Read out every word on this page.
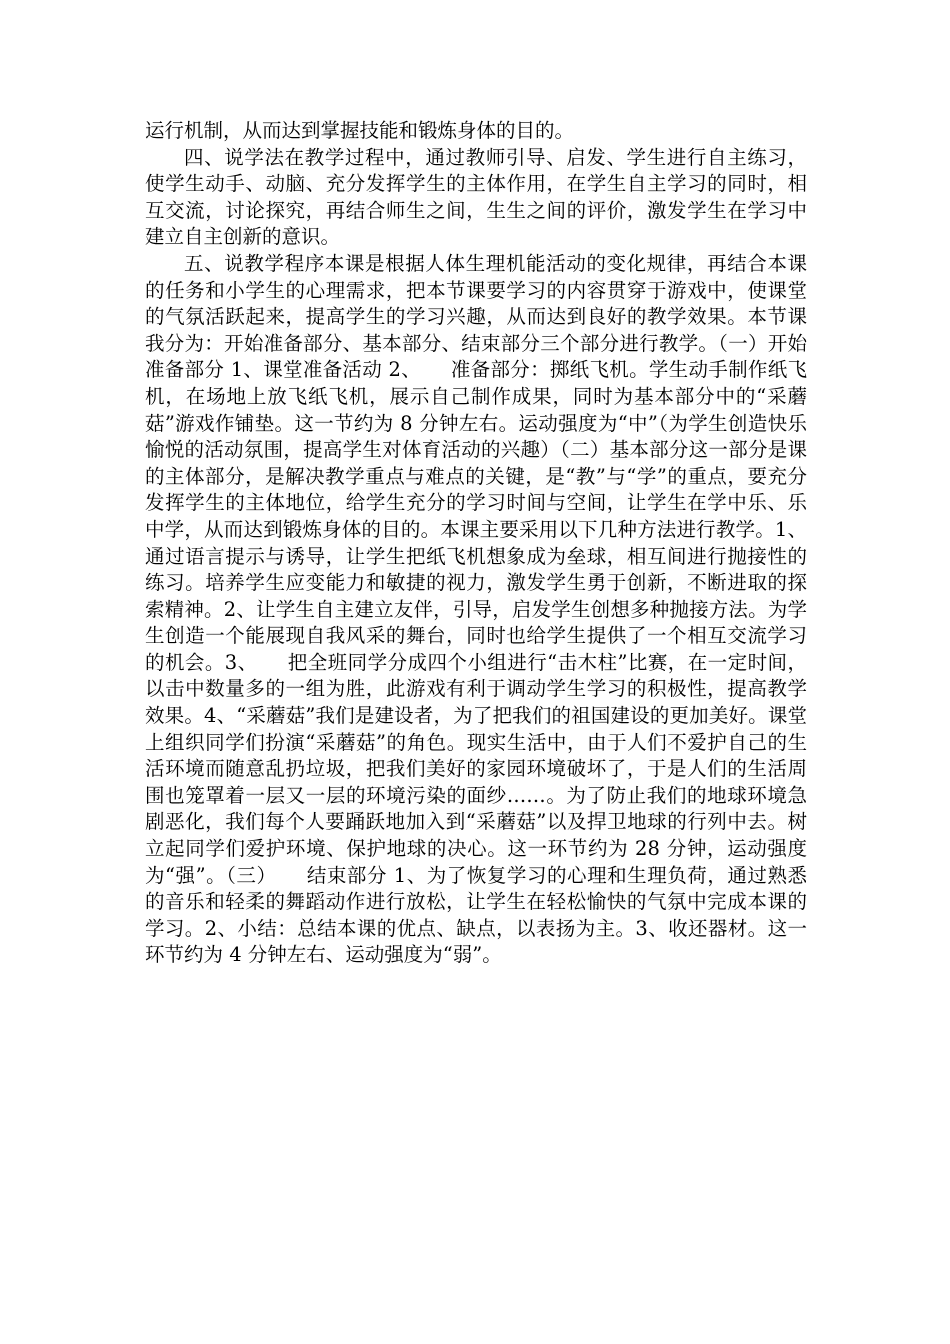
运行机制，从而达到掌握技能和锻炼身体的目的。

四、说学法在教学过程中，通过教师引导、启发、学生进行自主练习，使学生动手、动脑、充分发挥学生的主体作用，在学生自主学习的同时，相互交流，讨论探究，再结合师生之间，生生之间的评价，激发学生在学习中建立自主创新的意识。

五、说教学程序本课是根据人体生理机能活动的变化规律，再结合本课的任务和小学生的心理需求，把本节课要学习的内容贯穿于游戏中，使课堂的气氛活跃起来，提高学生的学习兴趣，从而达到良好的教学效果。本节课我分为：开始准备部分、基本部分、结束部分三个部分进行教学。（一）开始准备部分 1、课堂准备活动 2、　　准备部分：掷纸飞机。学生动手制作纸飞机，在场地上放飞纸飞机，展示自己制作成果，同时为基本部分中的“采蘑菇”游戏作铺垫。这一节约为 8 分钟左右。运动强度为“中”（为学生创造快乐愉悦的活动氛围，提高学生对体育活动的兴趣）（二）基本部分这一部分是课的主体部分，是解决教学重点与难点的关键，是“教”与“学”的重点，要充分发挥学生的主体地位，给学生充分的学习时间与空间，让学生在学中乐、乐中学，从而达到锻炼身体的目的。本课主要采用以下几种方法进行教学。1、通过语言提示与诱导，让学生把纸飞机想象成为垒球，相互间进行抛接性的练习。培养学生应变能力和敏捷的视力，激发学生勇于创新，不断进取的探索精神。2、让学生自主建立友伴，引导，启发学生创想多种抛接方法。为学生创造一个能展现自我风采的舞台，同时也给学生提供了一个相互交流学习的机会。3、　　把全班同学分成四个小组进行“击木柱”比赛，在一定时间，以击中数量多的一组为胜，此游戏有利于调动学生学习的积极性，提高教学效果。4、“采蘑菇”我们是建设者，为了把我们的祖国建设的更加美好。课堂上组织同学们扮演“采蘑菇”的角色。现实生活中，由于人们不爱护自己的生活环境而随意乱扔垃圾，把我们美好的家园环境破坏了，于是人们的生活周围也笼罩着一层又一层的环境污染的面纱……。为了防止我们的地球环境急剧恶化，我们每个人要踊跃地加入到“采蘑菇”以及捍卫地球的行列中去。树立起同学们爱护环境、保护地球的决心。这一环节约为 28 分钟，运动强度为“强”。（三）　　结束部分 1、为了恢复学习的心理和生理负荷，通过熟悉的音乐和轻柔的舞蹈动作进行放松，让学生在轻松愉快的气氛中完成本课的学习。2、小结：总结本课的优点、缺点，以表扬为主。3、收还器材。这一环节约为 4 分钟左右、运动强度为“弱”。
